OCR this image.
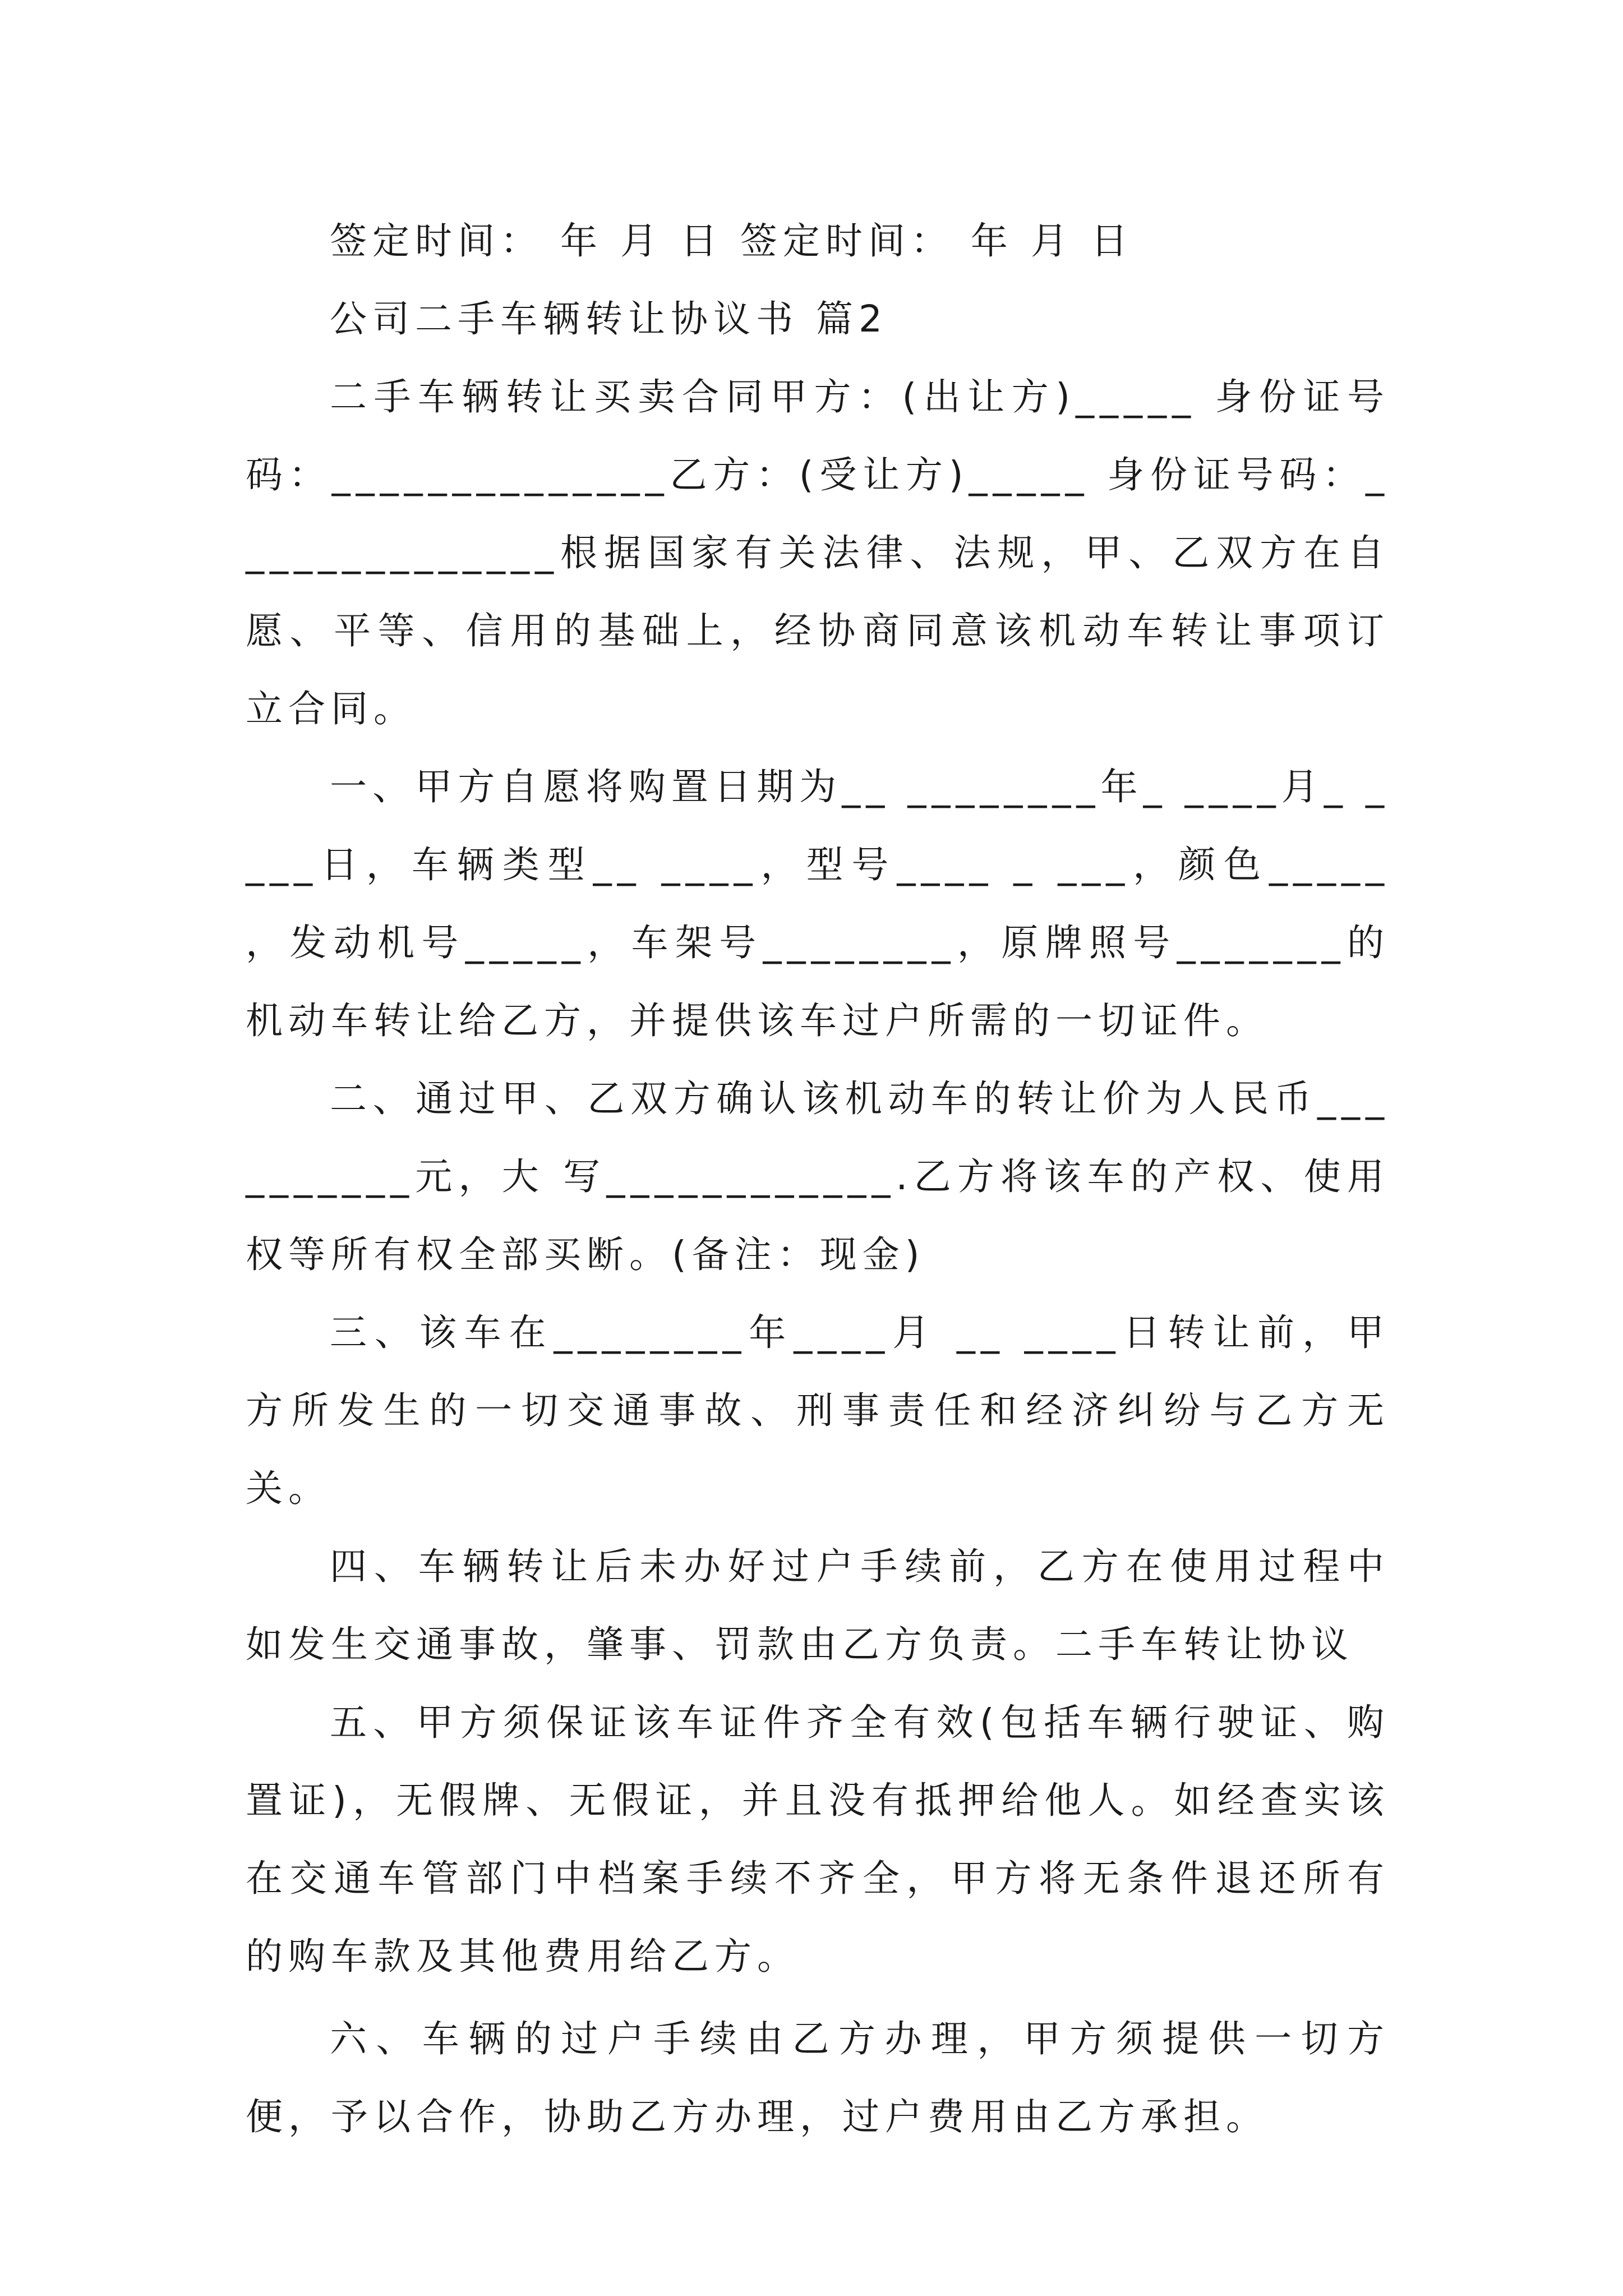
签定时间： 年 月 日 签定时间： 年 月 日

公司二手车辆转让协议书 篇2

二手车辆转让买卖合同甲方：(出让方)_____ 身份证号码：______________乙方：(受让方)_____ 身份证号码：______________根据国家有关法律、法规，甲、乙双方在自愿、平等、信用的基础上，经协商同意该机动车转让事项订立合同。

一、甲方自愿将购置日期为__ ________年_ ____月_ ____日，车辆类型__ ____，型号____ _ ___，颜色_____ ，发动机号_____，车架号________，原牌照号_______的机动车转让给乙方，并提供该车过户所需的一切证件。

二、通过甲、乙双方确认该机动车的转让价为人民币__________元，大 写____________.乙方将该车的产权、使用权等所有权全部买断。(备注：现金)

三、该车在________年____月 __ ____日转让前，甲方所发生的一切交通事故、刑事责任和经济纠纷与乙方无关。

四、车辆转让后未办好过户手续前，乙方在使用过程中如发生交通事故，肇事、罚款由乙方负责。二手车转让协议

五、甲方须保证该车证件齐全有效(包括车辆行驶证、购置证)，无假牌、无假证，并且没有抵押给他人。如经查实该在交通车管部门中档案手续不齐全，甲方将无条件退还所有的购车款及其他费用给乙方。

六、车辆的过户手续由乙方办理，甲方须提供一切方便，予以合作，协助乙方办理，过户费用由乙方承担。
